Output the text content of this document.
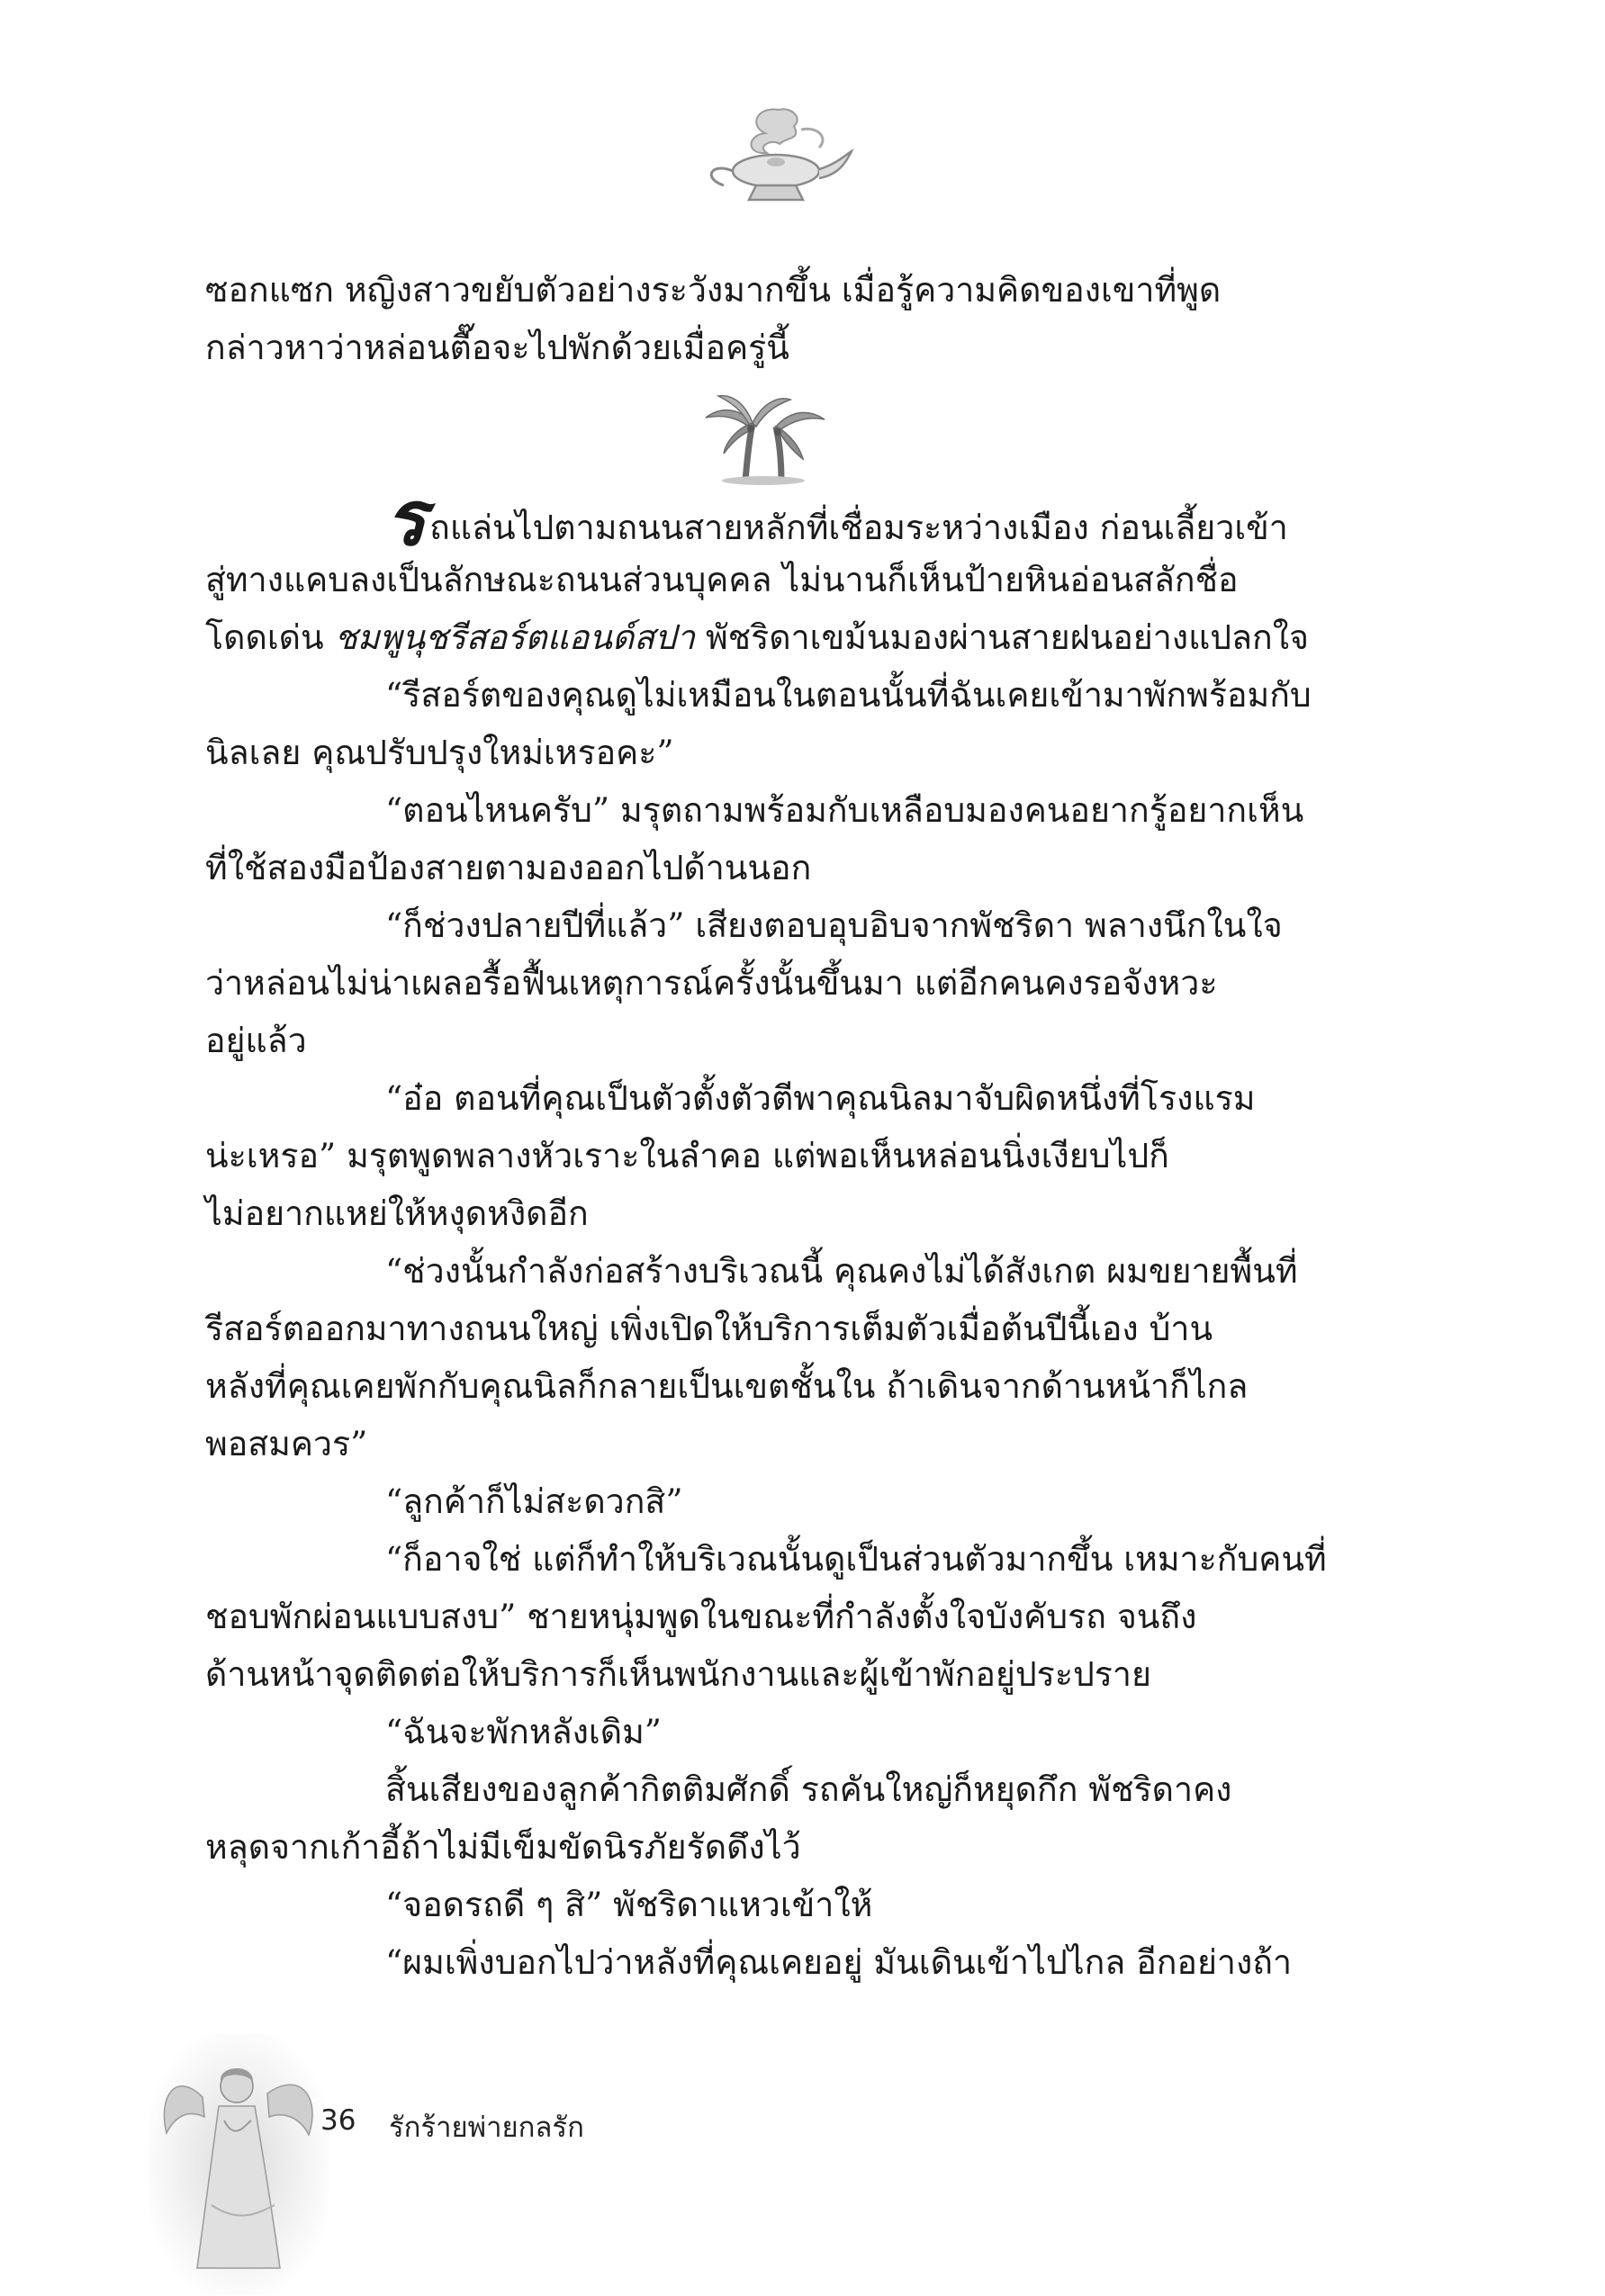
ซอกแซก หญิงสาวขยับตัวอย่างระวังมากขึ้น เมื่อรู้ความคิดของเขาที่พูด
กล่าวหาว่าหล่อนตื๊อจะไปพักด้วยเมื่อครู่นี้
รถแล่นไปตามถนนสายหลักที่เชื่อมระหว่างเมือง ก่อนเลี้ยวเข้า
สู่ทางแคบลงเป็นลักษณะถนนส่วนบุคคล ไม่นานก็เห็นป้ายหินอ่อนสลักชื่อ
โดดเด่น ชมพูนุชรีสอร์ตแอนด์สปา พัชริดาเขม้นมองผ่านสายฝนอย่างแปลกใจ
“รีสอร์ตของคุณดูไม่เหมือนในตอนนั้นที่ฉันเคยเข้ามาพักพร้อมกับ
นิลเลย คุณปรับปรุงใหม่เหรอคะ”
“ตอนไหนครับ” มรุตถามพร้อมกับเหลือบมองคนอยากรู้อยากเห็น
ที่ใช้สองมือป้องสายตามองออกไปด้านนอก
“ก็ช่วงปลายปีที่แล้ว” เสียงตอบอุบอิบจากพัชริดา พลางนึกในใจ
ว่าหล่อนไม่น่าเผลอรื้อฟื้นเหตุการณ์ครั้งนั้นขึ้นมา แต่อีกคนคงรอจังหวะ
อยู่แล้ว
“อ๋อ ตอนที่คุณเป็นตัวตั้งตัวตีพาคุณนิลมาจับผิดหนึ่งที่โรงแรม
น่ะเหรอ” มรุตพูดพลางหัวเราะในลำคอ แต่พอเห็นหล่อนนิ่งเงียบไปก็
ไม่อยากแหย่ให้หงุดหงิดอีก
“ช่วงนั้นกำลังก่อสร้างบริเวณนี้ คุณคงไม่ได้สังเกต ผมขยายพื้นที่
รีสอร์ตออกมาทางถนนใหญ่ เพิ่งเปิดให้บริการเต็มตัวเมื่อต้นปีนี้เอง บ้าน
หลังที่คุณเคยพักกับคุณนิลก็กลายเป็นเขตชั้นใน ถ้าเดินจากด้านหน้าก็ไกล
พอสมควร”
“ลูกค้าก็ไม่สะดวกสิ”
“ก็อาจใช่ แต่ก็ทำให้บริเวณนั้นดูเป็นส่วนตัวมากขึ้น เหมาะกับคนที่
ชอบพักผ่อนแบบสงบ” ชายหนุ่มพูดในขณะที่กำลังตั้งใจบังคับรถ จนถึง
ด้านหน้าจุดติดต่อให้บริการก็เห็นพนักงานและผู้เข้าพักอยู่ประปราย
“ฉันจะพักหลังเดิม”
สิ้นเสียงของลูกค้ากิตติมศักดิ์ รถคันใหญ่ก็หยุดกึก พัชริดาคง
หลุดจากเก้าอี้ถ้าไม่มีเข็มขัดนิรภัยรัดดึงไว้
“จอดรถดี ๆ สิ” พัชริดาแหวเข้าให้
“ผมเพิ่งบอกไปว่าหลังที่คุณเคยอยู่ มันเดินเข้าไปไกล อีกอย่างถ้า
36 รักร้ายพ่ายกลรัก
